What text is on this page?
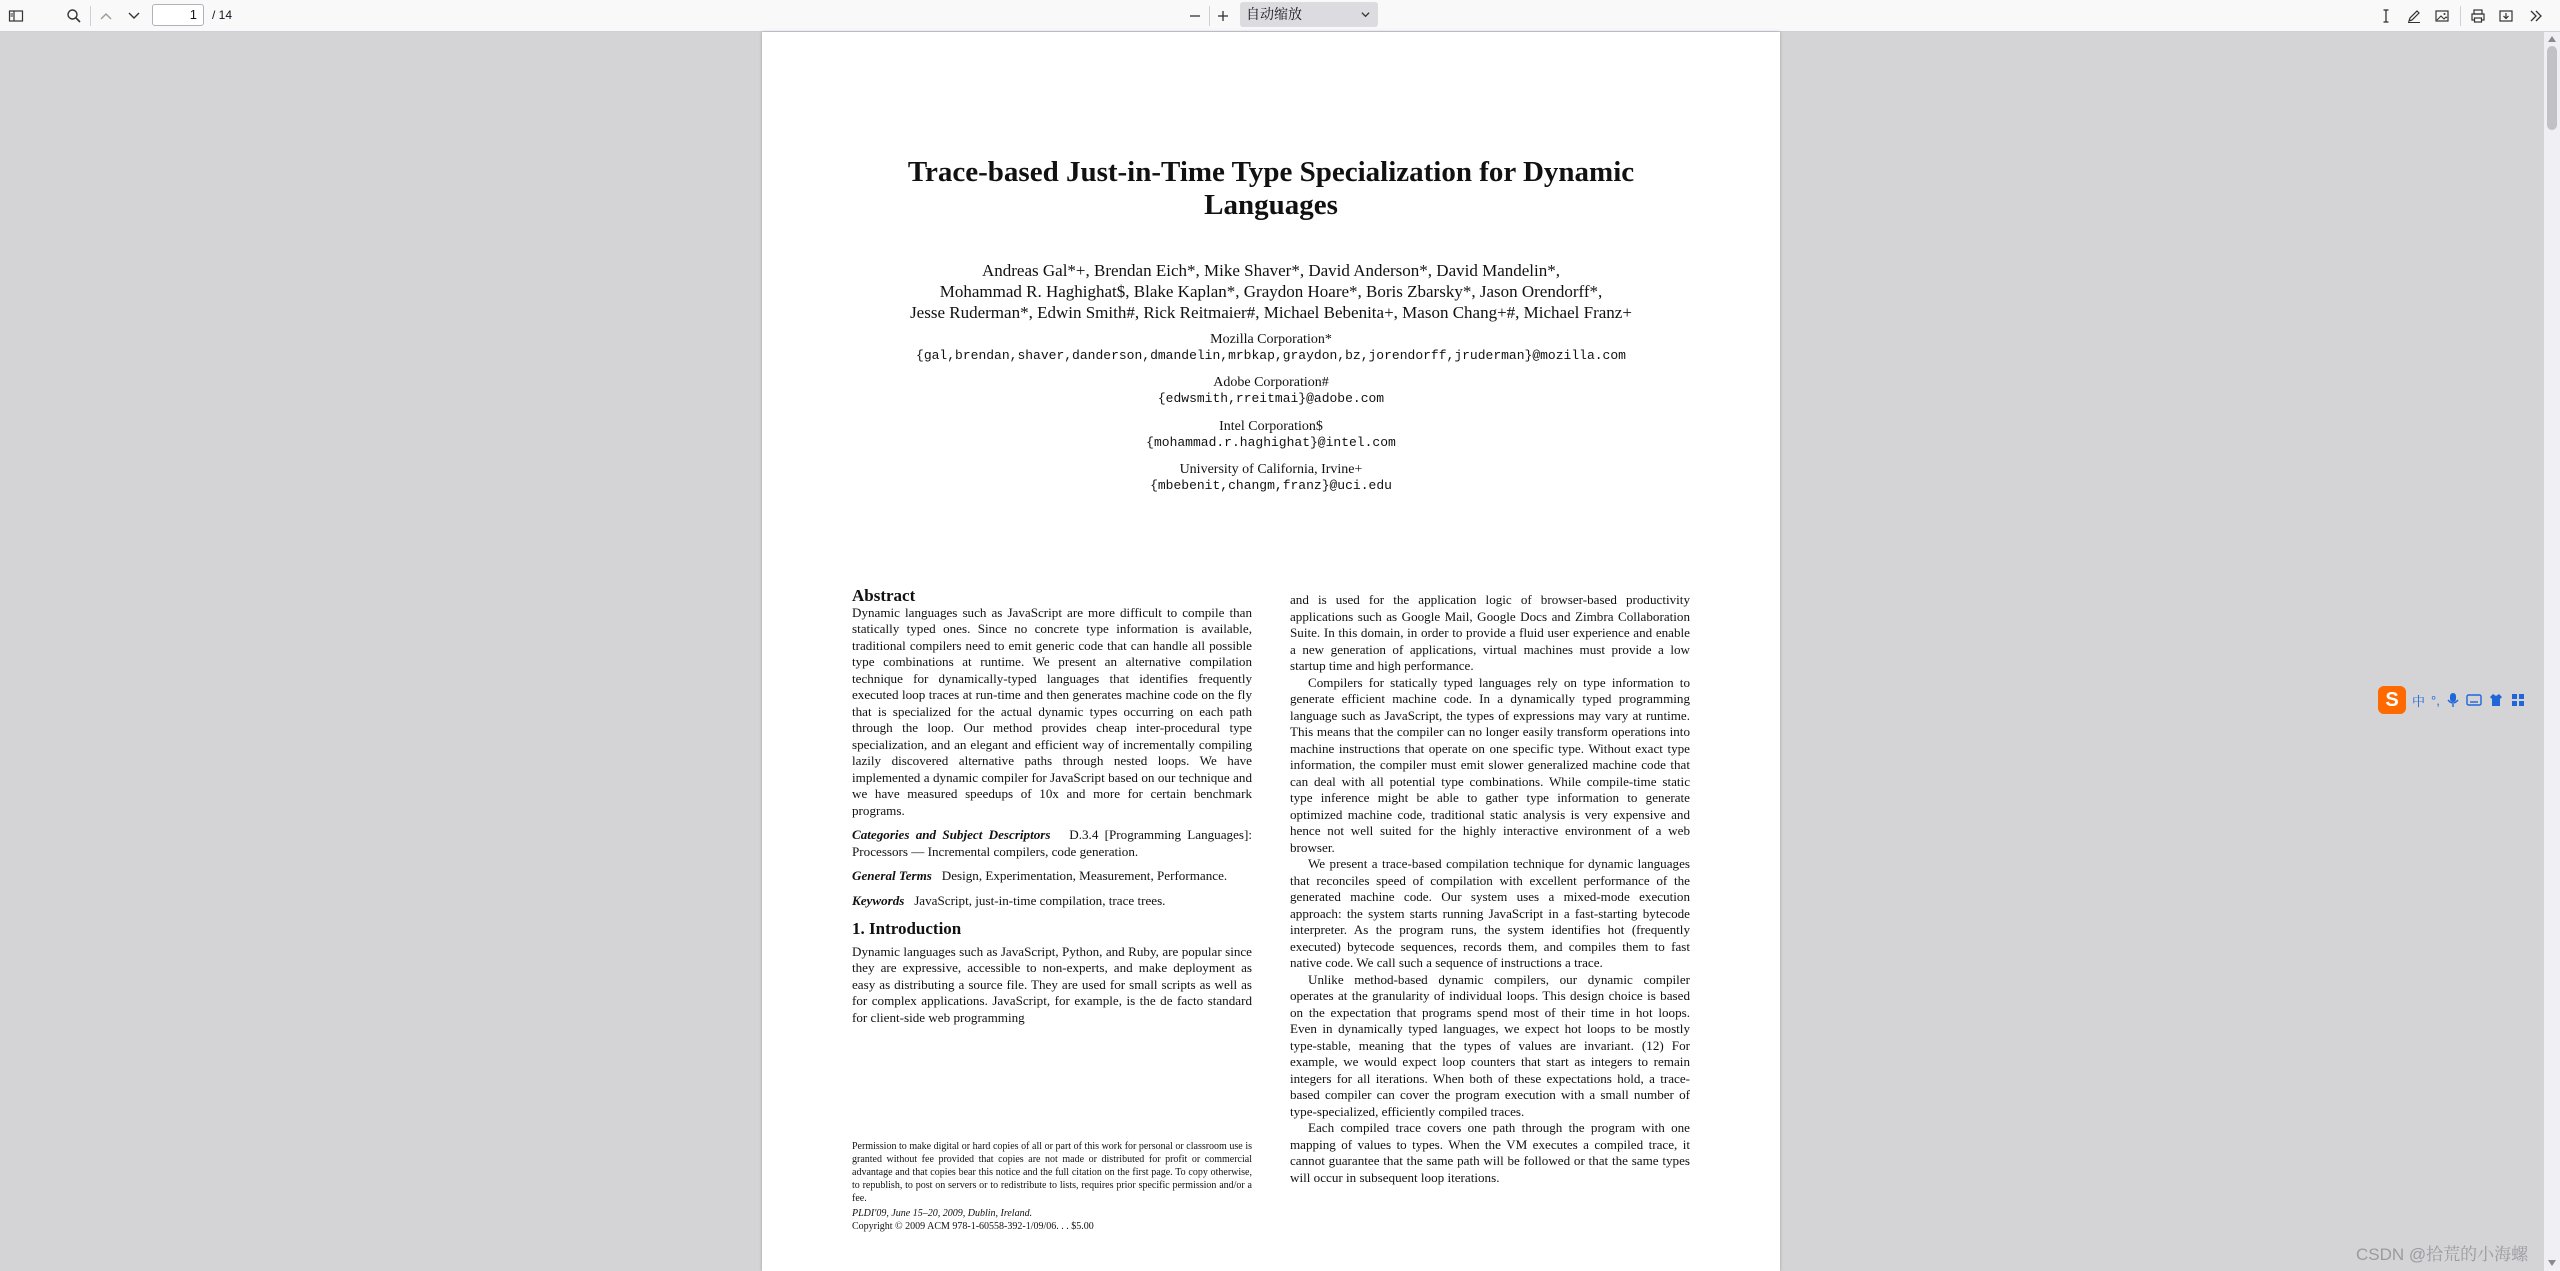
1	/ 14	自动缩放
Trace-based Just-in-Time Type Specialization for Dynamic
Languages
Andreas Gal*+, Brendan Eich*, Mike Shaver*, David Anderson*, David Mandelin*,
Mohammad R. Haghighat$, Blake Kaplan*, Graydon Hoare*, Boris Zbarsky*, Jason Orendorff*,
Jesse Ruderman*, Edwin Smith#, Rick Reitmaier#, Michael Bebenita+, Mason Chang+#, Michael Franz+
Mozilla Corporation*
{gal,brendan,shaver,danderson,dmandelin,mrbkap,graydon,bz,jorendorff,jruderman}@mozilla.com
Adobe Corporation#
{edwsmith,rreitmai}@adobe.com
Intel Corporation$
{mohammad.r.haghighat}@intel.com
University of California, Irvine+
{mbebenit,changm,franz}@uci.edu
Abstract

Dynamic languages such as JavaScript are more difficult to compile than statically typed ones. Since no concrete type information is available, traditional compilers need to emit generic code that can handle all possible type combinations at runtime. We present an alternative compilation technique for dynamically-typed languages that identifies frequently executed loop traces at run-time and then generates machine code on the fly that is specialized for the actual dynamic types occurring on each path through the loop. Our method provides cheap inter-procedural type specialization, and an elegant and efficient way of incrementally compiling lazily discovered alternative paths through nested loops. We have implemented a dynamic compiler for JavaScript based on our technique and we have measured speedups of 10x and more for certain benchmark programs.

Categories and Subject Descriptors D.3.4 [Programming Languages]: Processors — Incremental compilers, code generation.

General Terms Design, Experimentation, Measurement, Performance.

Keywords JavaScript, just-in-time compilation, trace trees.

1. Introduction

Dynamic languages such as JavaScript, Python, and Ruby, are popular since they are expressive, accessible to non-experts, and make deployment as easy as distributing a source file. They are used for small scripts as well as for complex applications. JavaScript, for example, is the de facto standard for client-side web programming

Permission to make digital or hard copies of all or part of this work for personal or classroom use is granted without fee provided that copies are not made or distributed for profit or commercial advantage and that copies bear this notice and the full citation on the first page. To copy otherwise, to republish, to post on servers or to redistribute to lists, requires prior specific permission and/or a fee.
PLDI'09, June 15–20, 2009, Dublin, Ireland.
Copyright © 2009 ACM 978-1-60558-392-1/09/06. . . $5.00

and is used for the application logic of browser-based productivity applications such as Google Mail, Google Docs and Zimbra Collaboration Suite. In this domain, in order to provide a fluid user experience and enable a new generation of applications, virtual machines must provide a low startup time and high performance.

Compilers for statically typed languages rely on type information to generate efficient machine code. In a dynamically typed programming language such as JavaScript, the types of expressions may vary at runtime. This means that the compiler can no longer easily transform operations into machine instructions that operate on one specific type. Without exact type information, the compiler must emit slower generalized machine code that can deal with all potential type combinations. While compile-time static type inference might be able to gather type information to generate optimized machine code, traditional static analysis is very expensive and hence not well suited for the highly interactive environment of a web browser.

We present a trace-based compilation technique for dynamic languages that reconciles speed of compilation with excellent performance of the generated machine code. Our system uses a mixed-mode execution approach: the system starts running JavaScript in a fast-starting bytecode interpreter. As the program runs, the system identifies hot (frequently executed) bytecode sequences, records them, and compiles them to fast native code. We call such a sequence of instructions a trace.

Unlike method-based dynamic compilers, our dynamic compiler operates at the granularity of individual loops. This design choice is based on the expectation that programs spend most of their time in hot loops. Even in dynamically typed languages, we expect hot loops to be mostly type-stable, meaning that the types of values are invariant. (12) For example, we would expect loop counters that start as integers to remain integers for all iterations. When both of these expectations hold, a trace-based compiler can cover the program execution with a small number of type-specialized, efficiently compiled traces.

Each compiled trace covers one path through the program with one mapping of values to types. When the VM executes a compiled trace, it cannot guarantee that the same path will be followed or that the same types will occur in subsequent loop iterations.

S	中 °,
CSDN @拾荒的小海螺
